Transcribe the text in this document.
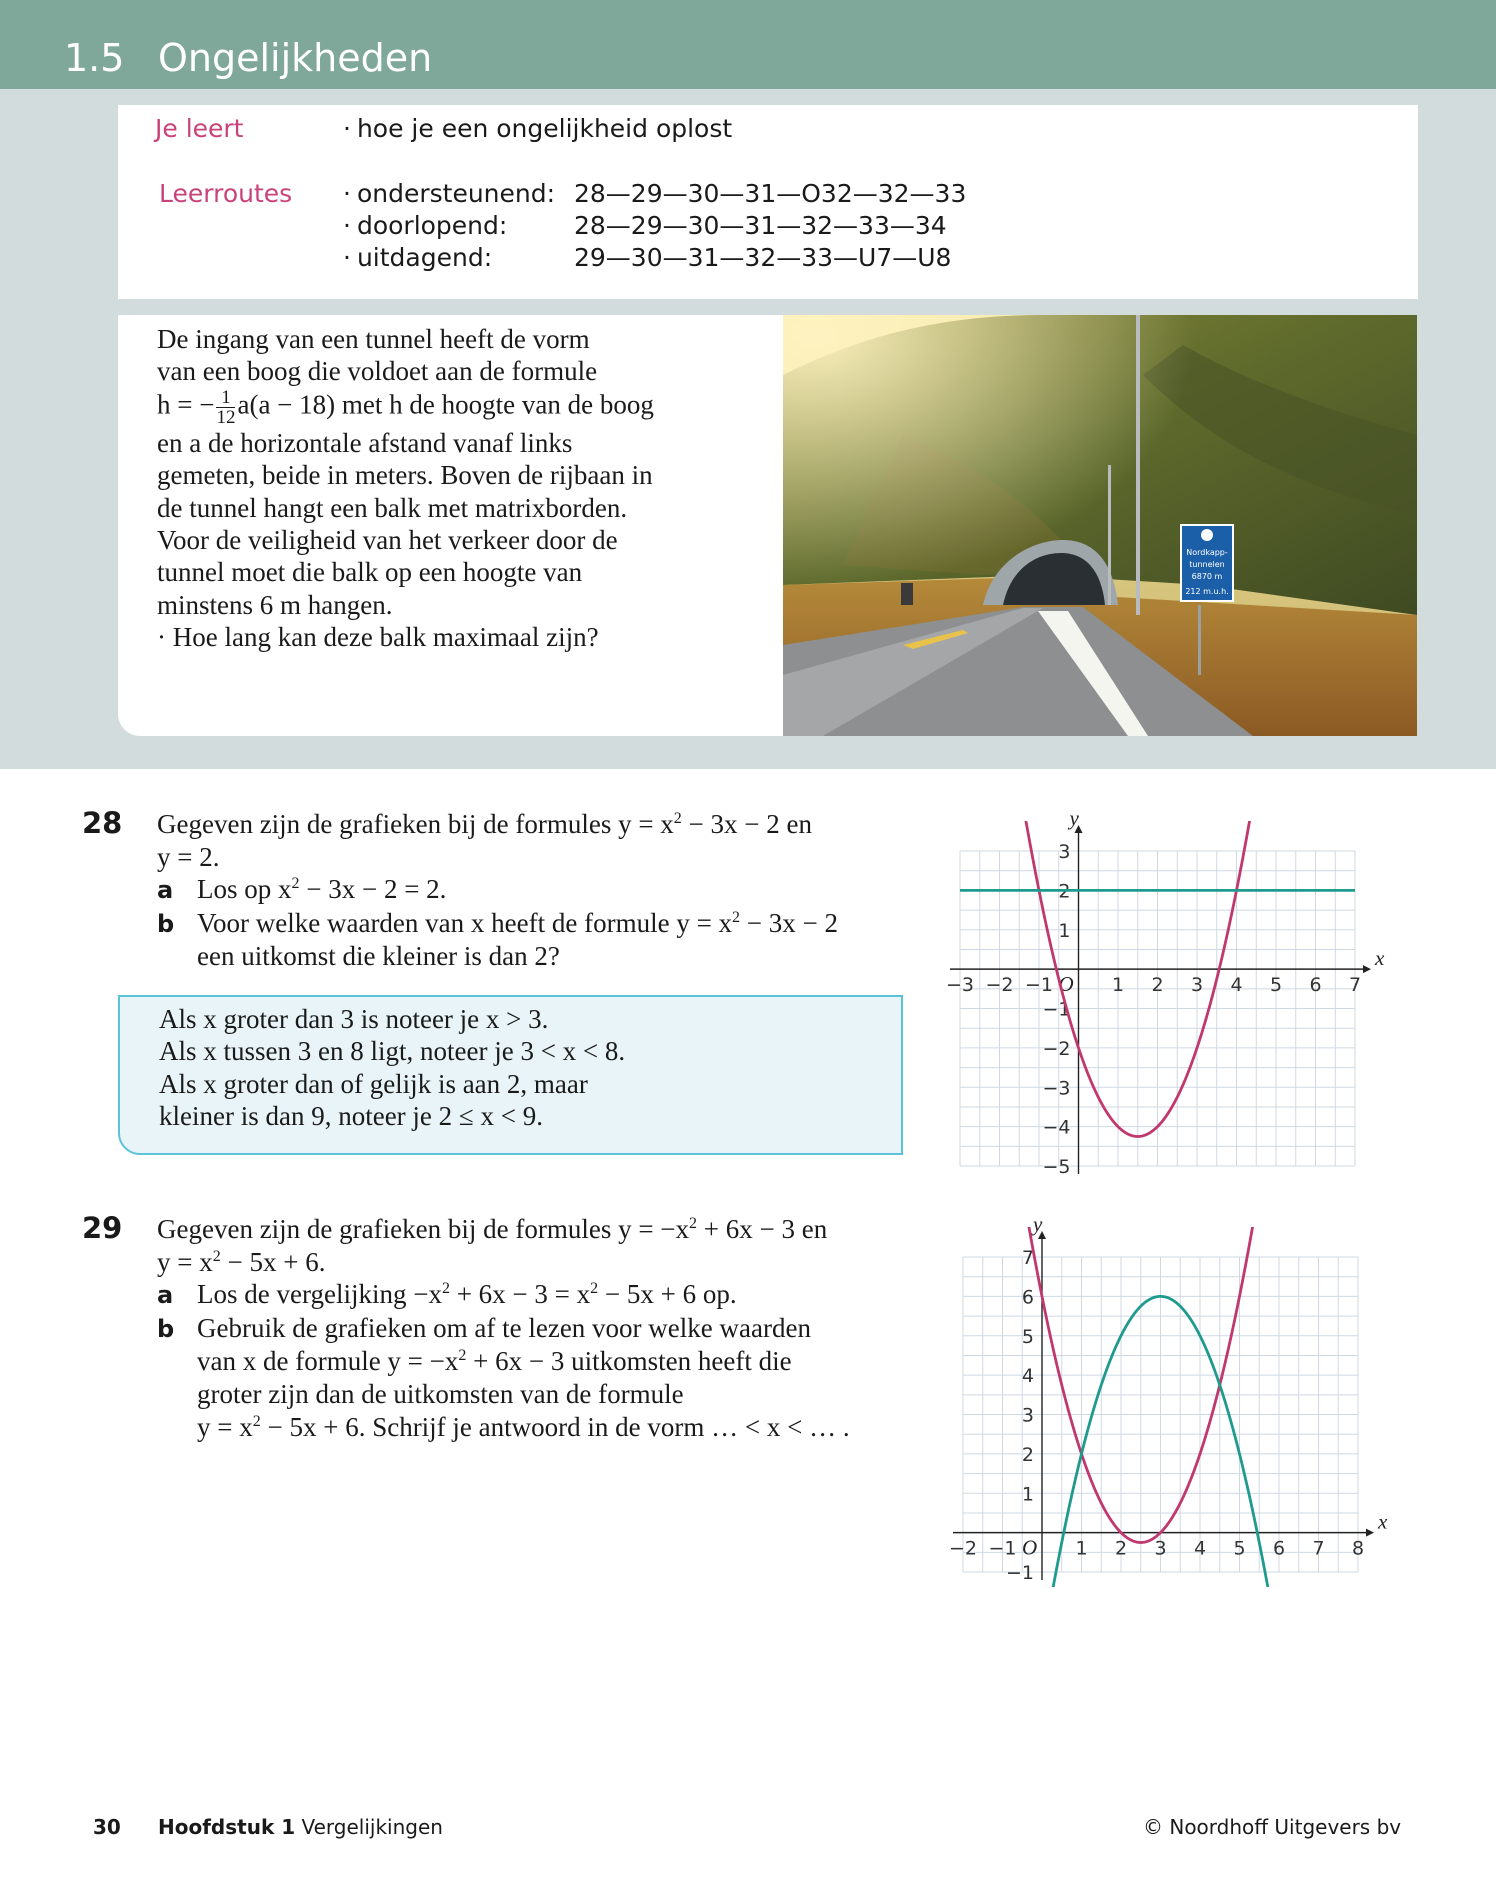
1.5 Ongelijkheden
Je leert	· hoe je een ongelijkheid oplost
Leerroutes · ondersteunend: 28—29—30—31—O32—32—33
· doorlopend:	28—29—30—31—32—33—34
· uitdagend:	29—30—31—32—33—U7—U8
De ingang van een tunnel heeft de vorm
van een boog die voldoet aan de formule
h = − $\frac{1}{12} a(a - 18)$ met h de hoogte van de boog
en a de horizontale afstand vanaf links
gemeten, beide in meters. Boven de rijbaan in
de tunnel hangt een balk met matrixborden.
Voor de veiligheid van het verkeer door de
tunnel moet die balk op een hoogte van
minstens 6 m hangen.
· Hoe lang kan deze balk maximaal zijn?
Nordkapp-
tunnelen
6870 m
212 m.u.h.
28 Gegeven zijn de grafieken bij de formules $y = x^2 - 3x - 2$ en
y = 2.
a Los op $x^2 - 3x - 2 = 2$.
b Voor welke waarden van x heeft de formule $y = x^2 - 3x - 2$
een uitkomst die kleiner is dan 2?
Als x groter dan 3 is noteer je x > 3.
Als x tussen 3 en 8 ligt, noteer je 3 < x < 8.
Als x groter dan of gelijk is aan 2, maar
kleiner is dan 9, noteer je 2 ≤ x < 9.
x
y
O
−3 −2 −1	1 2 3 4 5 6 7
3
2
1
−1
−2
−3
−4
−5
29 Gegeven zijn de grafieken bij de formules $y = -x^2 + 6x - 3$ en
$y = x^2 - 5x + 6$.
a Los de vergelijking $-x^2 + 6x - 3 = x^2 - 5x + 6$ op.
b Gebruik de grafieken om af te lezen voor welke waarden
van x de formule $y = -x^2 + 6x - 3$ uitkomsten heeft die
groter zijn dan de uitkomsten van de formule
$y = x^2 - 5x + 6$. Schrijf je antwoord in de vorm … < x < … .
x
y
O
−2 −1	1 2 3 4 5 6 7 8
7
6
5
4
3
2
1
−1
30 Hoofdstuk 1 Vergelijkingen	© Noordhoff Uitgevers bv
